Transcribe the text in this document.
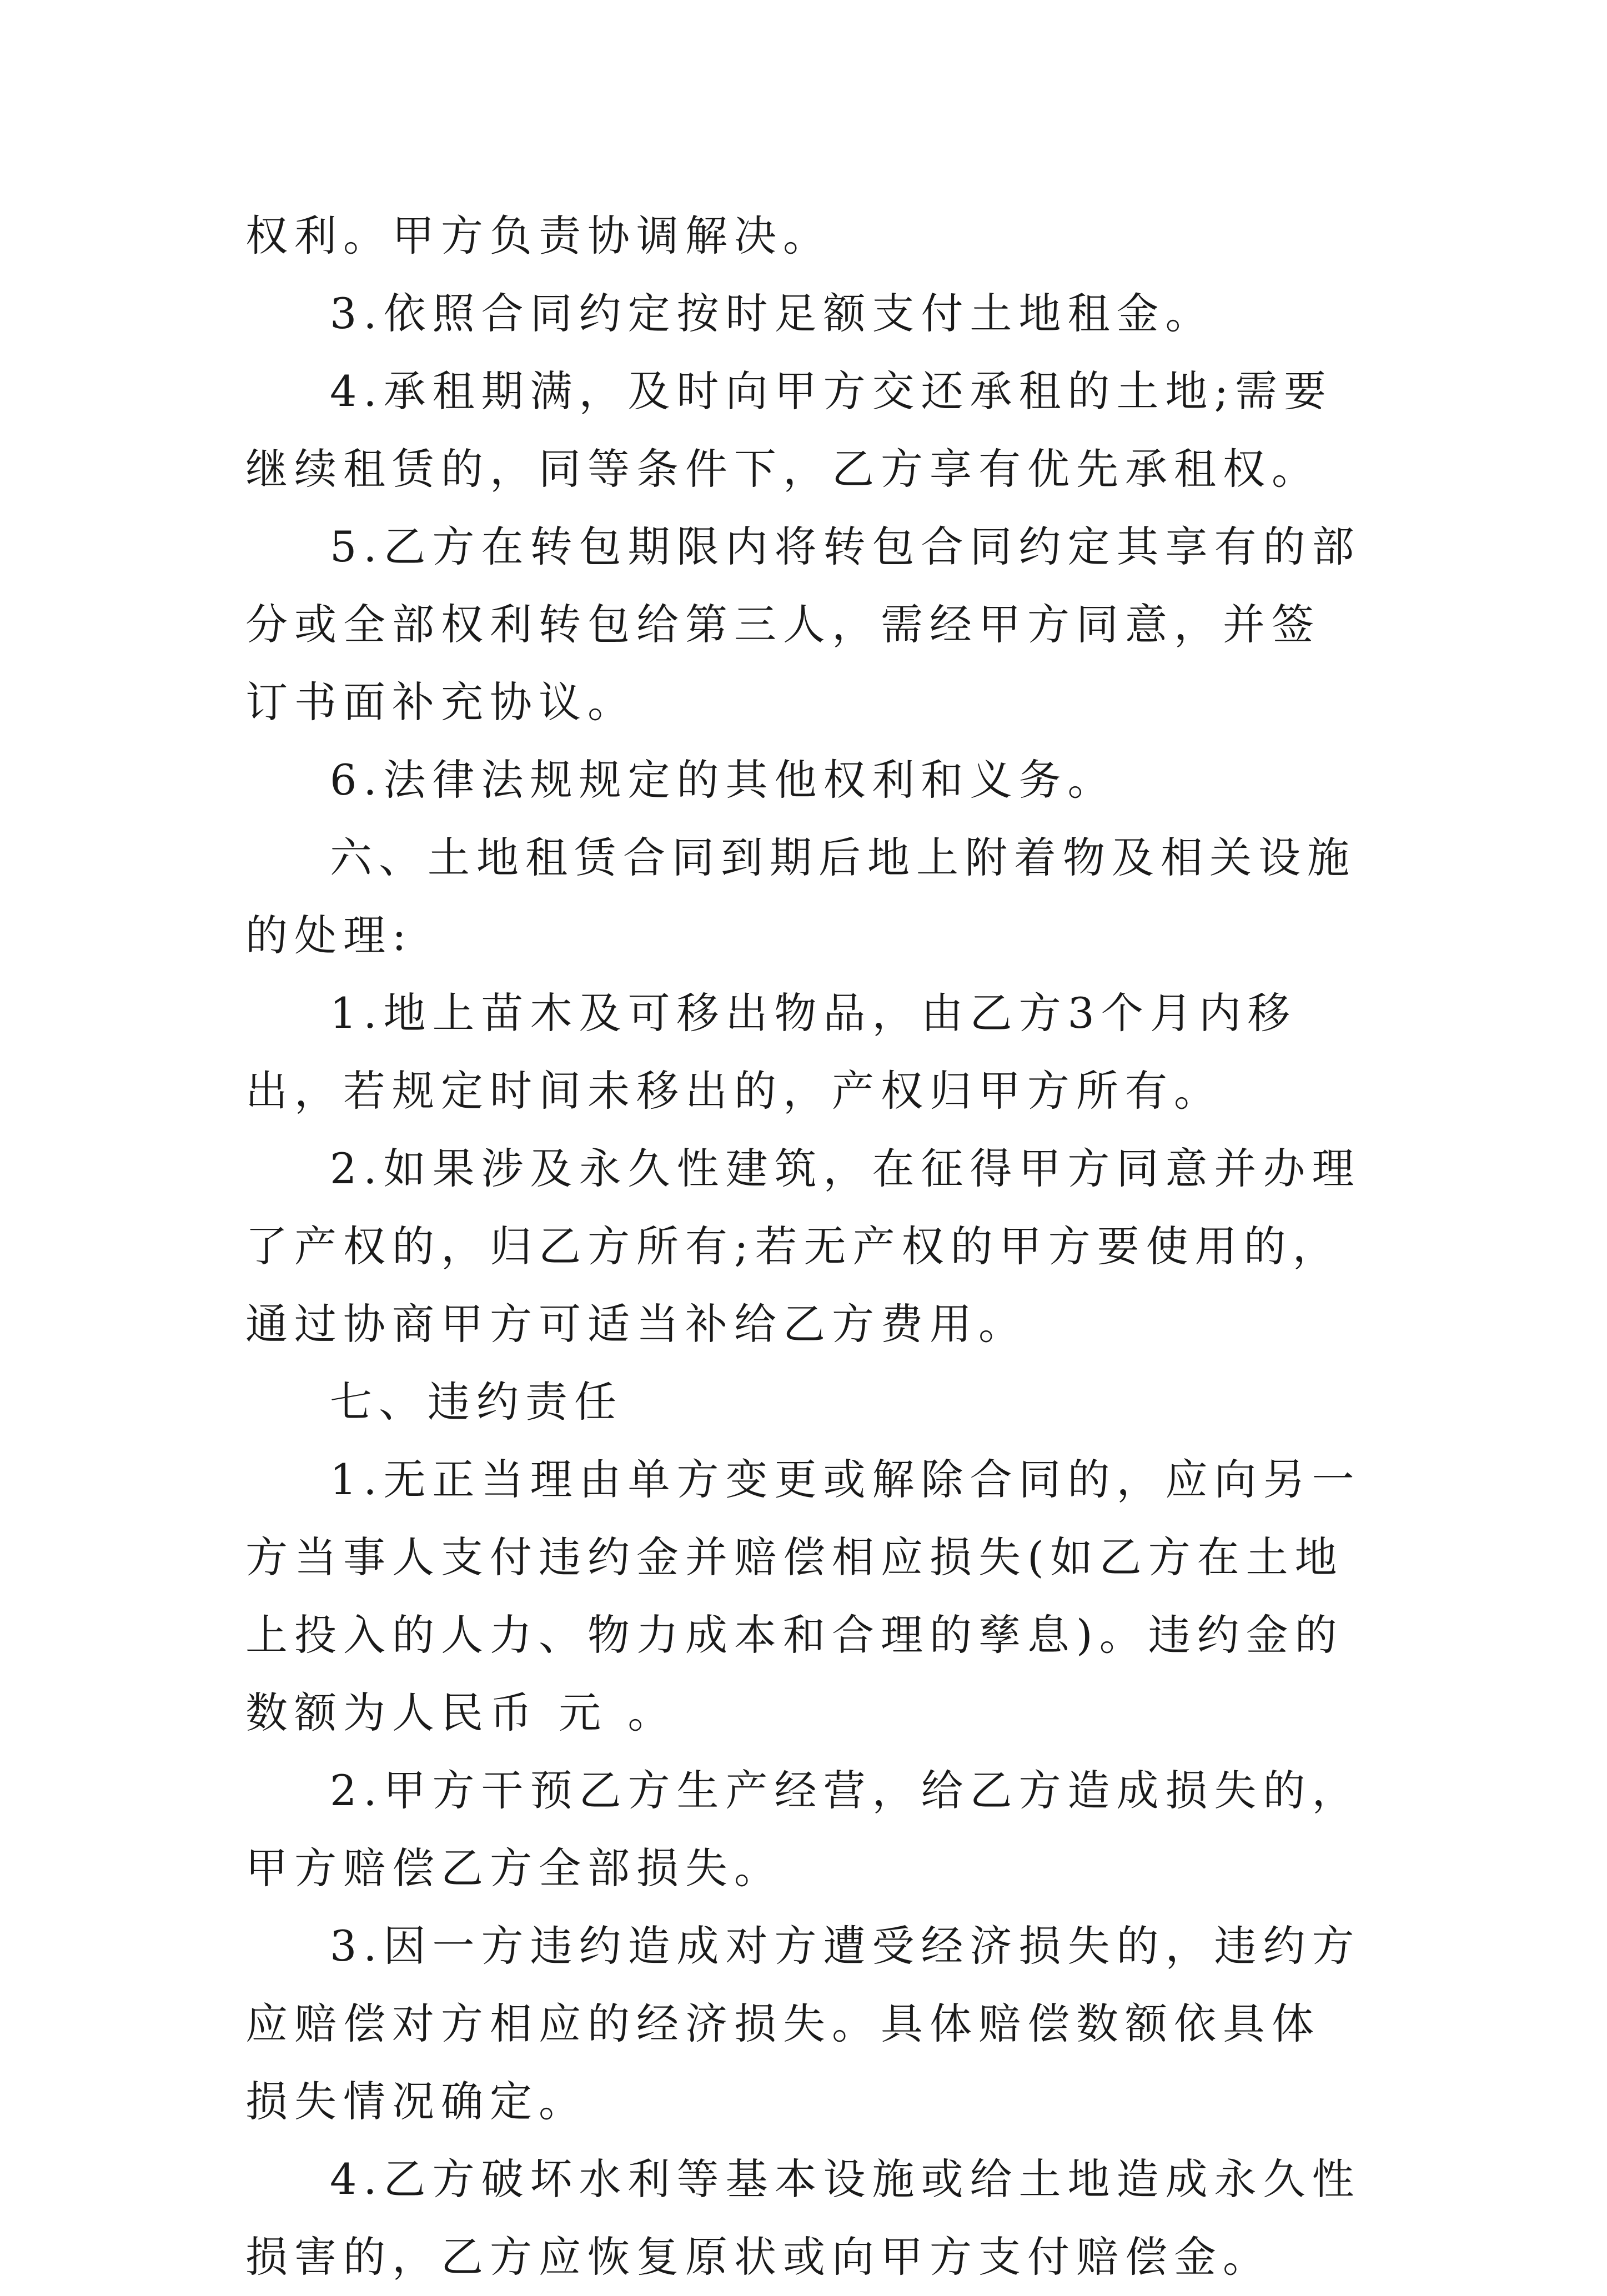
权利。甲方负责协调解决。

3.依照合同约定按时足额支付土地租金。

4.承租期满，及时向甲方交还承租的土地;需要继续租赁的，同等条件下，乙方享有优先承租权。

5.乙方在转包期限内将转包合同约定其享有的部分或全部权利转包给第三人，需经甲方同意，并签订书面补充协议。

6.法律法规规定的其他权利和义务。

六、土地租赁合同到期后地上附着物及相关设施的处理:

1.地上苗木及可移出物品，由乙方3个月内移出，若规定时间未移出的，产权归甲方所有。

2.如果涉及永久性建筑，在征得甲方同意并办理了产权的，归乙方所有;若无产权的甲方要使用的，通过协商甲方可适当补给乙方费用。

七、违约责任

1.无正当理由单方变更或解除合同的，应向另一方当事人支付违约金并赔偿相应损失(如乙方在土地上投入的人力、物力成本和合理的孳息)。违约金的数额为人民币 元 。

2.甲方干预乙方生产经营，给乙方造成损失的，甲方赔偿乙方全部损失。

3.因一方违约造成对方遭受经济损失的，违约方应赔偿对方相应的经济损失。具体赔偿数额依具体损失情况确定。

4.乙方破坏水利等基本设施或给土地造成永久性损害的，乙方应恢复原状或向甲方支付赔偿金。
